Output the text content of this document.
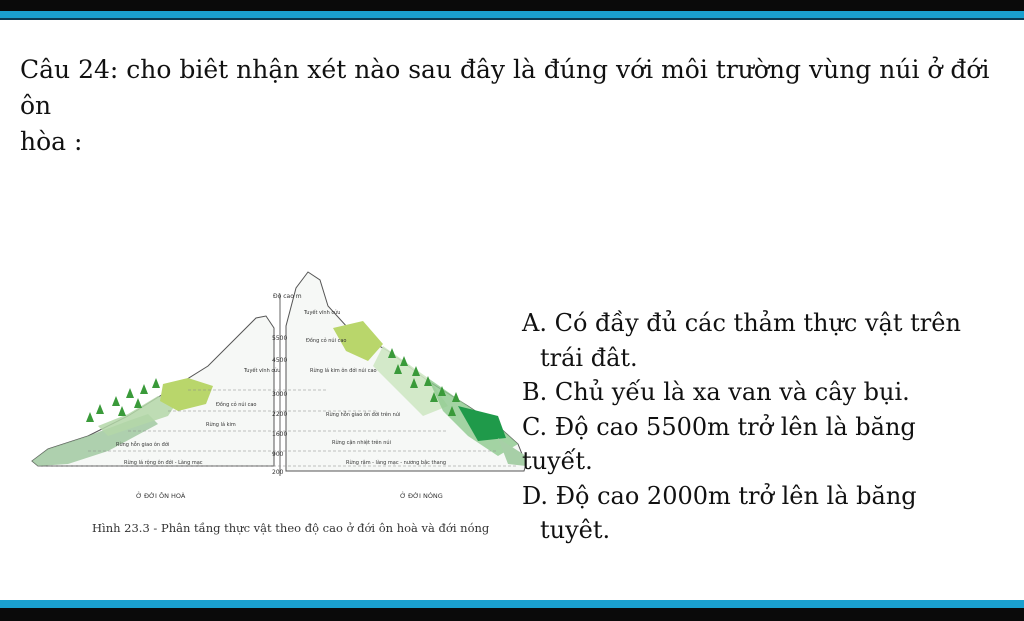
Câu 24: cho biêt nhận xét nào sau đây là đúng với môi trường vùng núi ở đới ôn
hòa :
Độ cao m
5500
4500
3000
2200
1600
900
200
Tuyết vĩnh cửu
Đồng cỏ núi cao
Rừng lá kim
Rừng hỗn giao ôn đới
Rừng lá rộng ôn đới - Làng mạc
Tuyết vĩnh cửu
Đồng cỏ núi cao
Rừng lá kim ôn đới núi cao
Rừng hỗn giao ôn đới trên núi
Rừng cận nhiệt trên núi
Rừng rậm - làng mạc - nương bậc thang
Ở ĐỚI ÔN HOÀ	Ở ĐỚI NÓNG
Hình 23.3 - Phân tầng thực vật theo độ cao ở đới ôn hoà và đới nóng
A. Có đầy đủ các thảm thực vật trên
trái đât.
B. Chủ yếu là xa van và cây bụi.
C. Độ cao 5500m trở lên là băng
tuyết.
D. Độ cao 2000m trở lên là băng
tuyêt.
